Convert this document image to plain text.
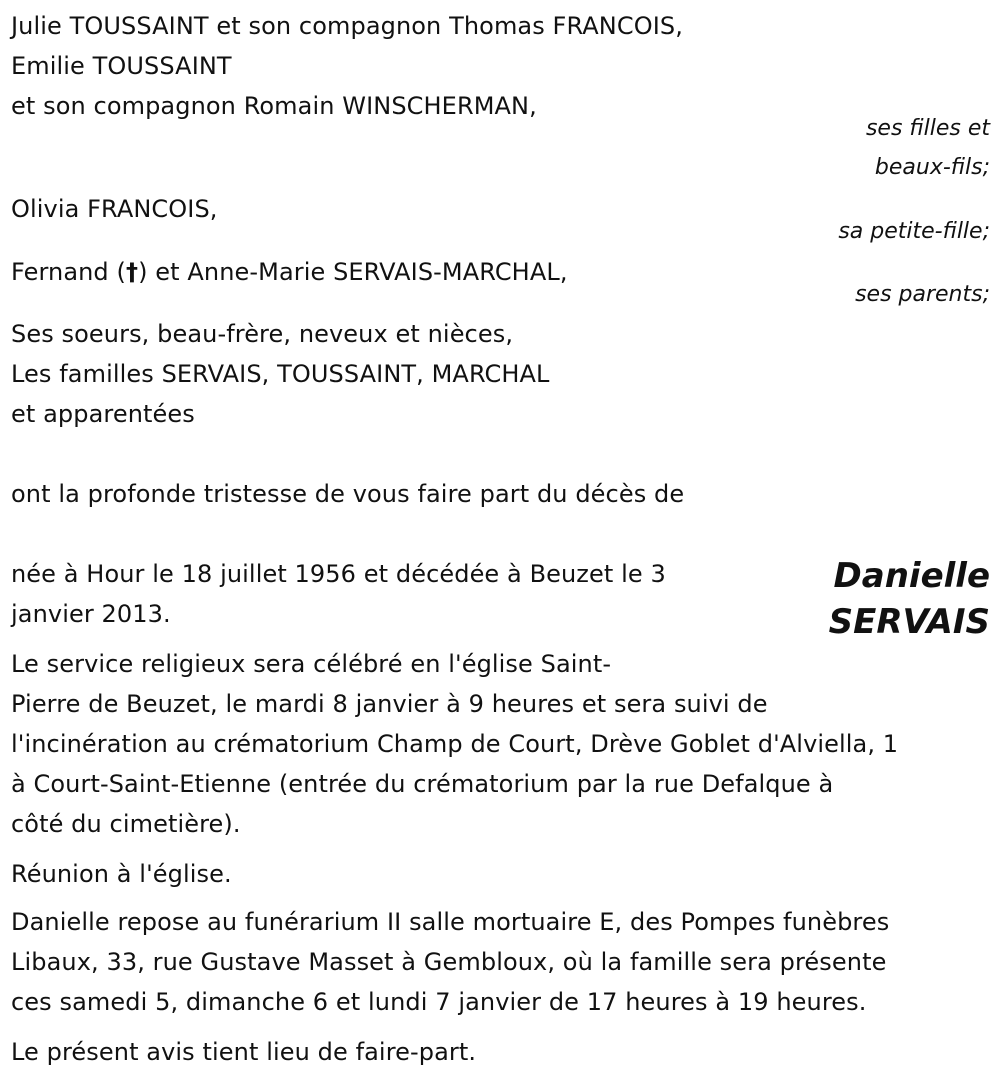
Julie TOUSSAINT et son compagnon Thomas FRANCOIS,
Emilie TOUSSAINT
et son compagnon Romain WINSCHERMAN,
ses filles et
beaux-fils;
Olivia FRANCOIS,
sa petite-fille;
Fernand (†) et Anne-Marie SERVAIS-MARCHAL,
ses parents;
Ses soeurs, beau-frère, neveux et nièces,
Les familles SERVAIS, TOUSSAINT, MARCHAL
et apparentées
ont la profonde tristesse de vous faire part du décès de
née à Hour le 18 juillet 1956 et décédée à Beuzet le 3
janvier 2013.
Danielle
SERVAIS
Le service religieux sera célébré en l'église Saint-
Pierre de Beuzet, le mardi 8 janvier à 9 heures et sera suivi de
l'incinération au crématorium Champ de Court, Drève Goblet d'Alviella, 1
à Court-Saint-Etienne (entrée du crématorium par la rue Defalque à
côté du cimetière).
Réunion à l'église.
Danielle repose au funérarium II salle mortuaire E, des Pompes funèbres
Libaux, 33, rue Gustave Masset à Gembloux, où la famille sera présente
ces samedi 5, dimanche 6 et lundi 7 janvier de 17 heures à 19 heures.
Le présent avis tient lieu de faire-part.
